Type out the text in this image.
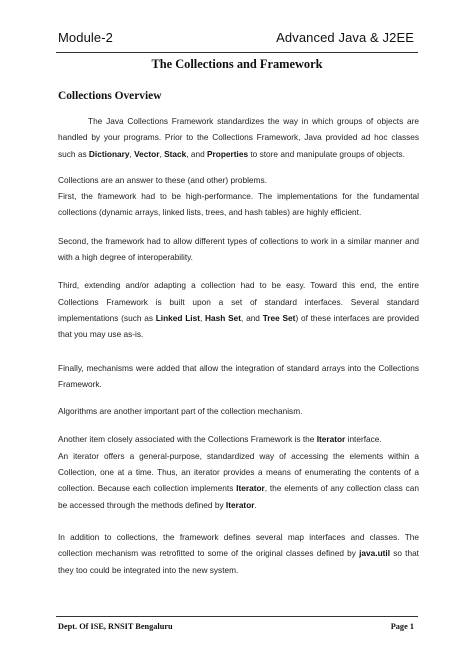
Module-2	Advanced Java & J2EE
The Collections and Framework
Collections Overview

The Java Collections Framework standardizes the way in which groups of objects are handled by your programs. Prior to the Collections Framework, Java provided ad hoc classes such as Dictionary, Vector, Stack, and Properties to store and manipulate groups of objects.

Collections are an answer to these (and other) problems.
First, the framework had to be high-performance. The implementations for the fundamental collections (dynamic arrays, linked lists, trees, and hash tables) are highly efficient.

Second, the framework had to allow different types of collections to work in a similar manner and with a high degree of interoperability.

Third, extending and/or adapting a collection had to be easy. Toward this end, the entire Collections Framework is built upon a set of standard interfaces. Several standard implementations (such as Linked List, Hash Set, and Tree Set) of these interfaces are provided that you may use as-is.

Finally, mechanisms were added that allow the integration of standard arrays into the Collections Framework.

Algorithms are another important part of the collection mechanism.

Another item closely associated with the Collections Framework is the Iterator interface.

An iterator offers a general-purpose, standardized way of accessing the elements within a Collection, one at a time. Thus, an iterator provides a means of enumerating the contents of a collection. Because each collection implements Iterator, the elements of any collection class can be accessed through the methods defined by Iterator.

In addition to collections, the framework defines several map interfaces and classes. The collection mechanism was retrofitted to some of the original classes defined by java.util so that they too could be integrated into the new system.

Dept. Of ISE, RNSIT Bengaluru	Page 1
